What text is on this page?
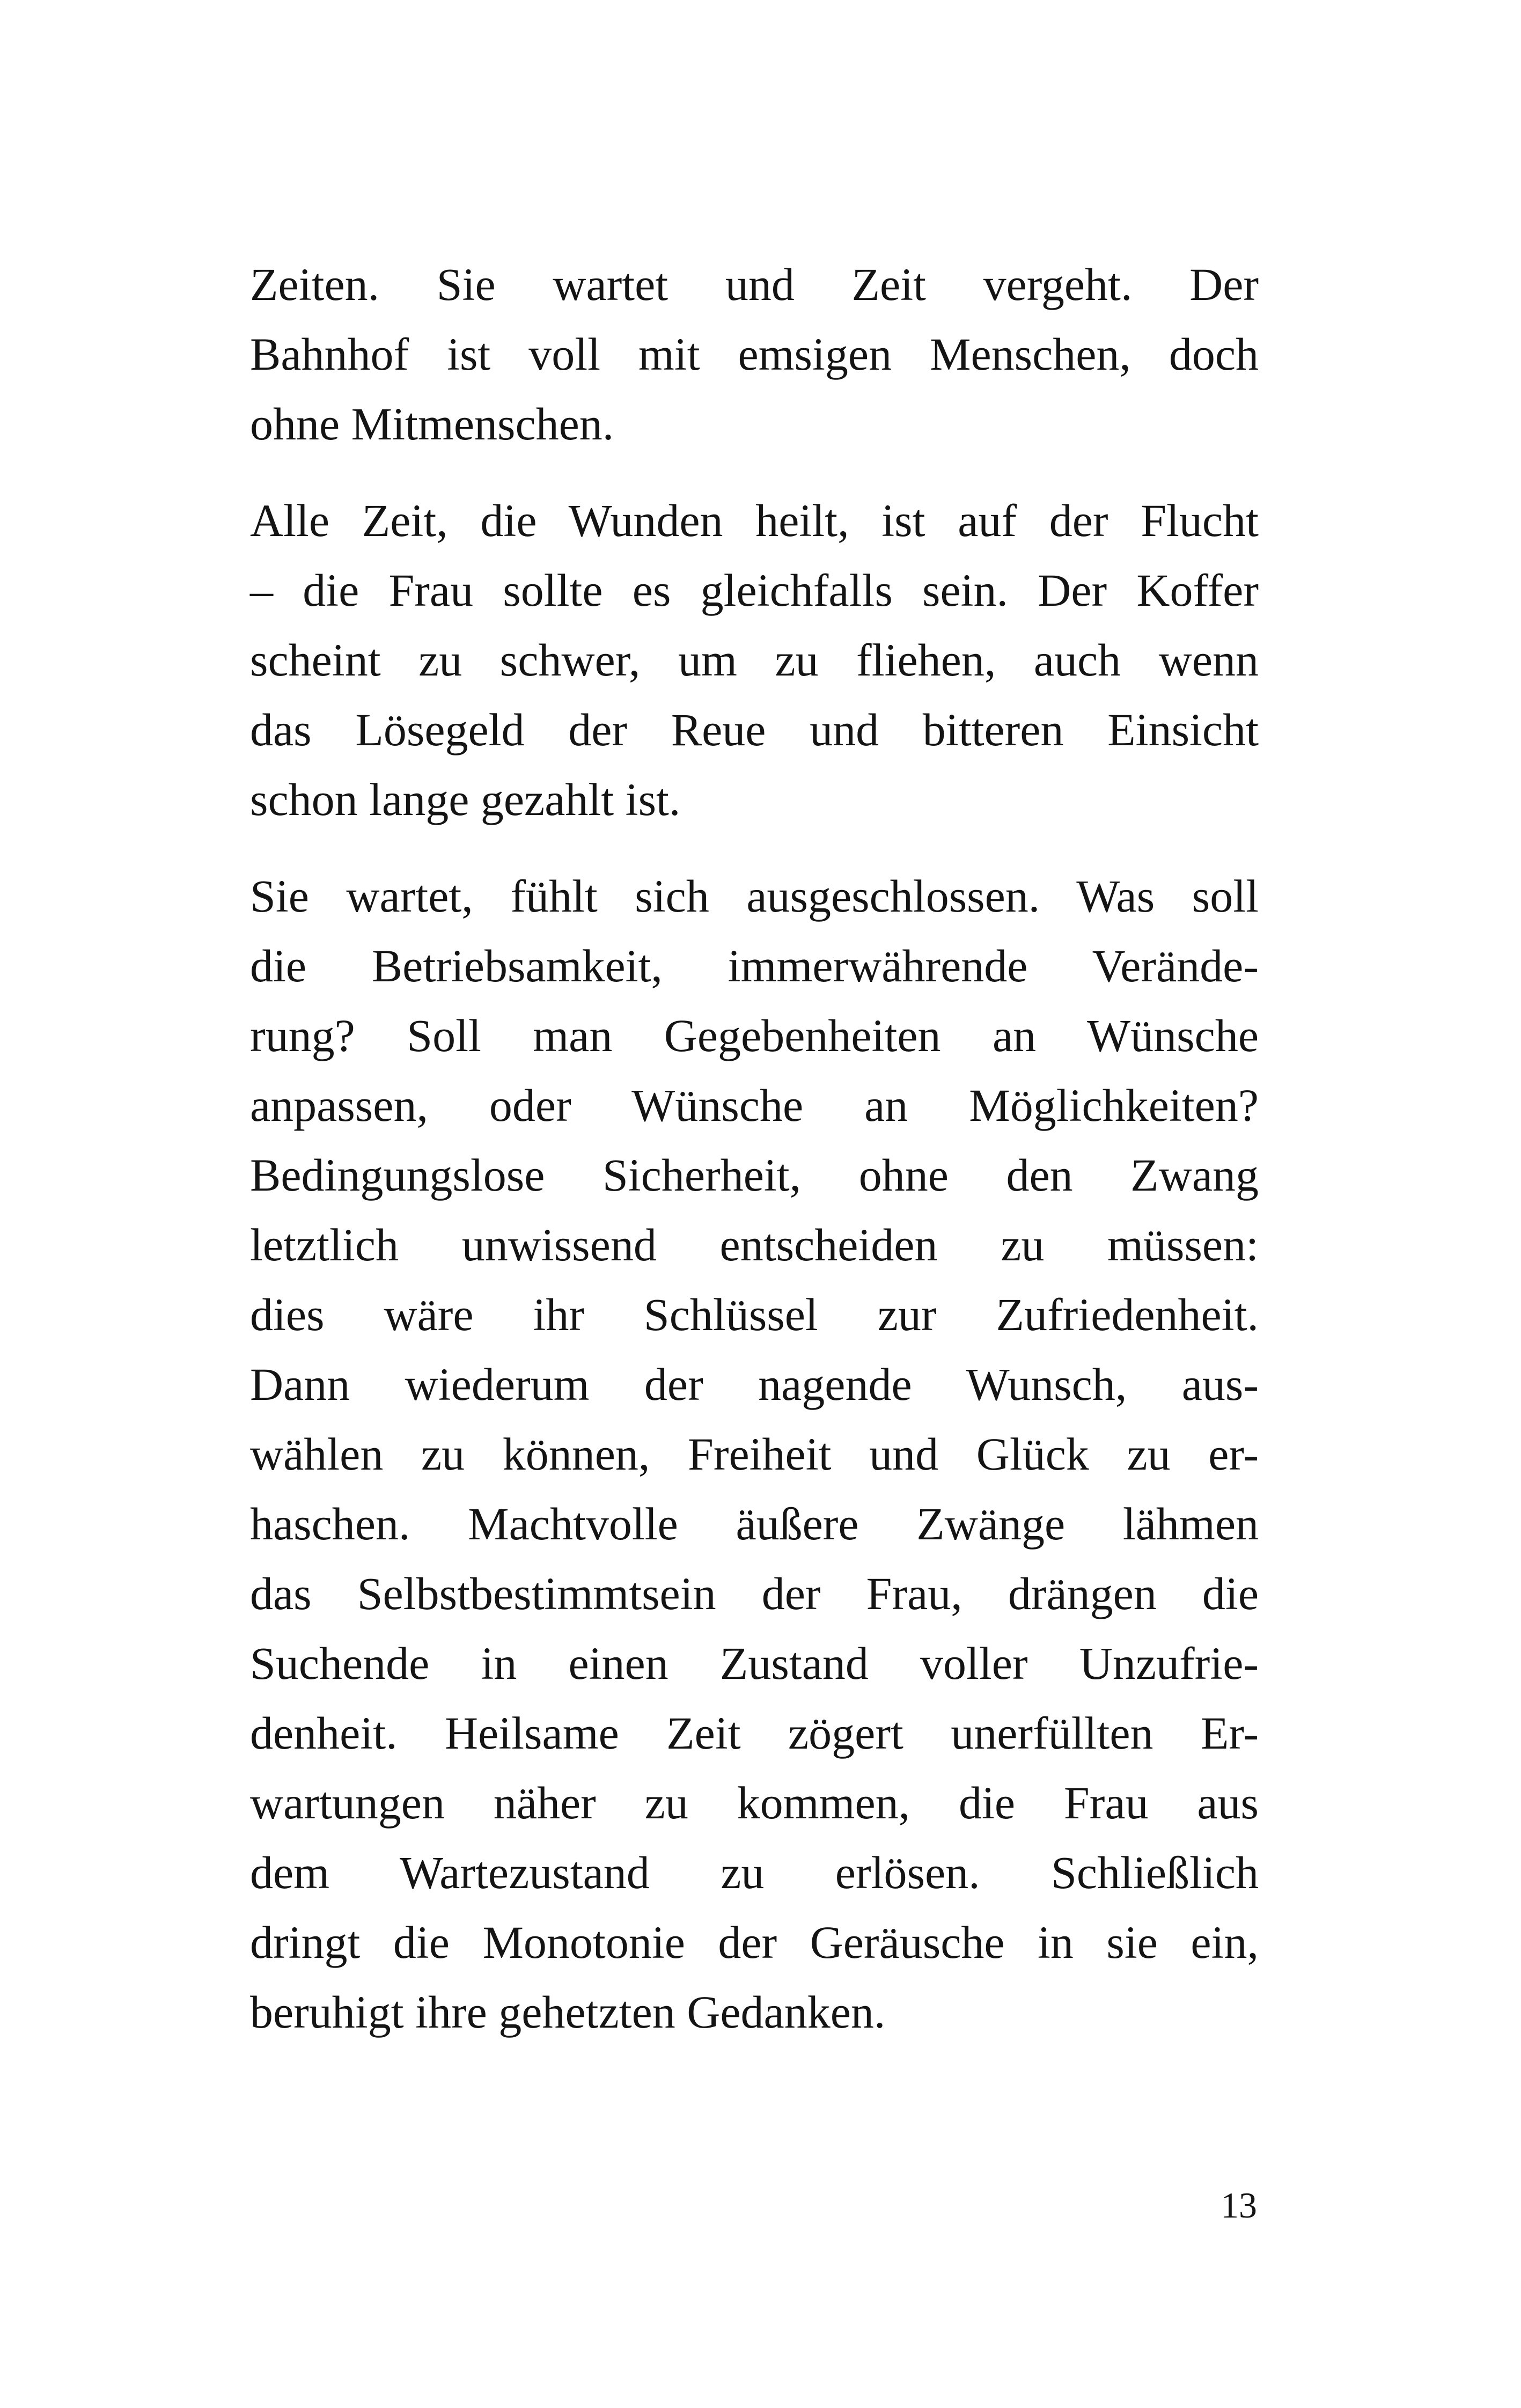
Zeiten. Sie wartet und Zeit vergeht. Der
Bahnhof ist voll mit emsigen Menschen, doch
ohne Mitmenschen.
Alle Zeit, die Wunden heilt, ist auf der Flucht
– die Frau sollte es gleichfalls sein. Der Koffer
scheint zu schwer, um zu fliehen, auch wenn
das Lösegeld der Reue und bitteren Einsicht
schon lange gezahlt ist.
Sie wartet, fühlt sich ausgeschlossen. Was soll
die Betriebsamkeit, immerwährende Verände-
rung? Soll man Gegebenheiten an Wünsche
anpassen, oder Wünsche an Möglichkeiten?
Bedingungslose Sicherheit, ohne den Zwang
letztlich unwissend entscheiden zu müssen:
dies wäre ihr Schlüssel zur Zufriedenheit.
Dann wiederum der nagende Wunsch, aus-
wählen zu können, Freiheit und Glück zu er-
haschen. Machtvolle äußere Zwänge lähmen
das Selbstbestimmtsein der Frau, drängen die
Suchende in einen Zustand voller Unzufrie-
denheit. Heilsame Zeit zögert unerfüllten Er-
wartungen näher zu kommen, die Frau aus
dem Wartezustand zu erlösen. Schließlich
dringt die Monotonie der Geräusche in sie ein,
beruhigt ihre gehetzten Gedanken.
13
